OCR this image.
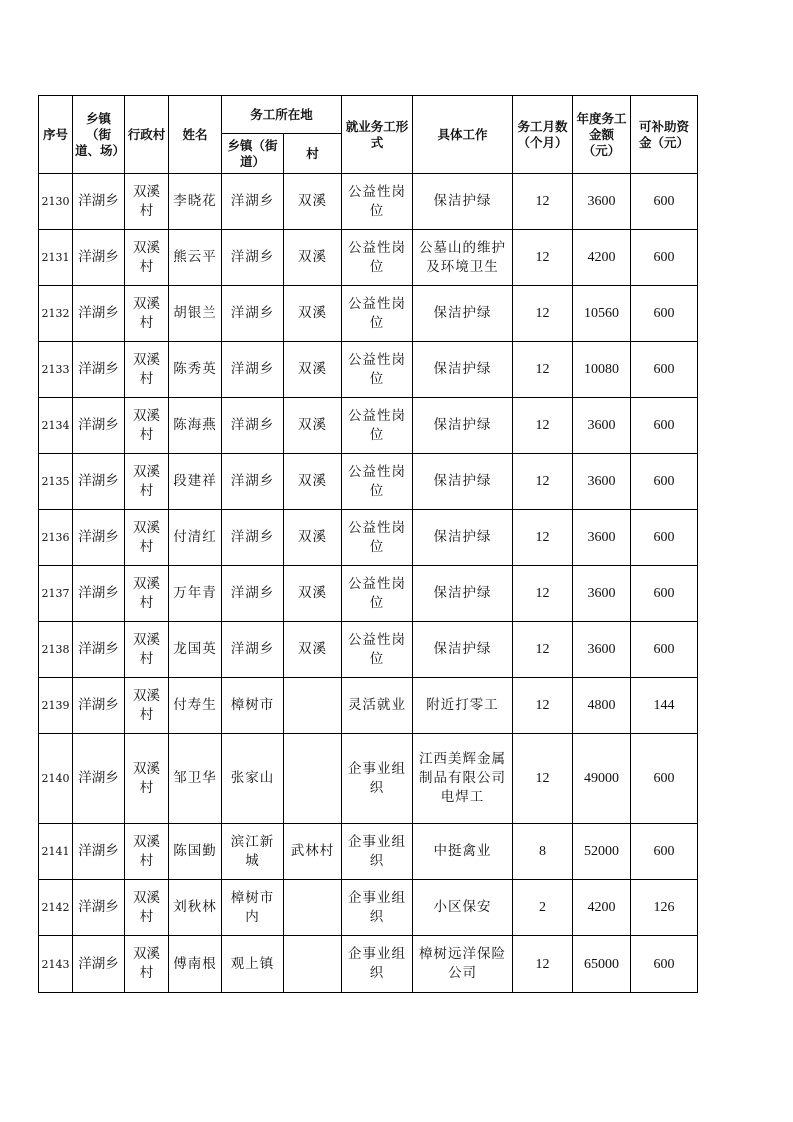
序号	乡镇（街道、场）	行政村	姓名	务工所在地		就业务工形式	具体工作	务工月数（个月）	年度务工金额（元）	可补助资金（元）
				乡镇（街道）	村					
2130	洋湖乡	双溪村	李晓花	洋湖乡	双溪	公益性岗位	保洁护绿	12	3600	600
2131	洋湖乡	双溪村	熊云平	洋湖乡	双溪	公益性岗位	公墓山的维护及环境卫生	12	4200	600
2132	洋湖乡	双溪村	胡银兰	洋湖乡	双溪	公益性岗位	保洁护绿	12	10560	600
2133	洋湖乡	双溪村	陈秀英	洋湖乡	双溪	公益性岗位	保洁护绿	12	10080	600
2134	洋湖乡	双溪村	陈海燕	洋湖乡	双溪	公益性岗位	保洁护绿	12	3600	600
2135	洋湖乡	双溪村	段建祥	洋湖乡	双溪	公益性岗位	保洁护绿	12	3600	600
2136	洋湖乡	双溪村	付清红	洋湖乡	双溪	公益性岗位	保洁护绿	12	3600	600
2137	洋湖乡	双溪村	万年青	洋湖乡	双溪	公益性岗位	保洁护绿	12	3600	600
2138	洋湖乡	双溪村	龙国英	洋湖乡	双溪	公益性岗位	保洁护绿	12	3600	600
2139	洋湖乡	双溪村	付寿生	樟树市		灵活就业	附近打零工	12	4800	144
2140	洋湖乡	双溪村	邹卫华	张家山		企事业组织	江西美辉金属制品有限公司电焊工	12	49000	600
2141	洋湖乡	双溪村	陈国勤	滨江新城	武林村	企事业组织	中挺禽业	8	52000	600
2142	洋湖乡	双溪村	刘秋林	樟树市内		企事业组织	小区保安	2	4200	126
2143	洋湖乡	双溪村	傅南根	观上镇		企事业组织	樟树远洋保险公司	12	65000	600
